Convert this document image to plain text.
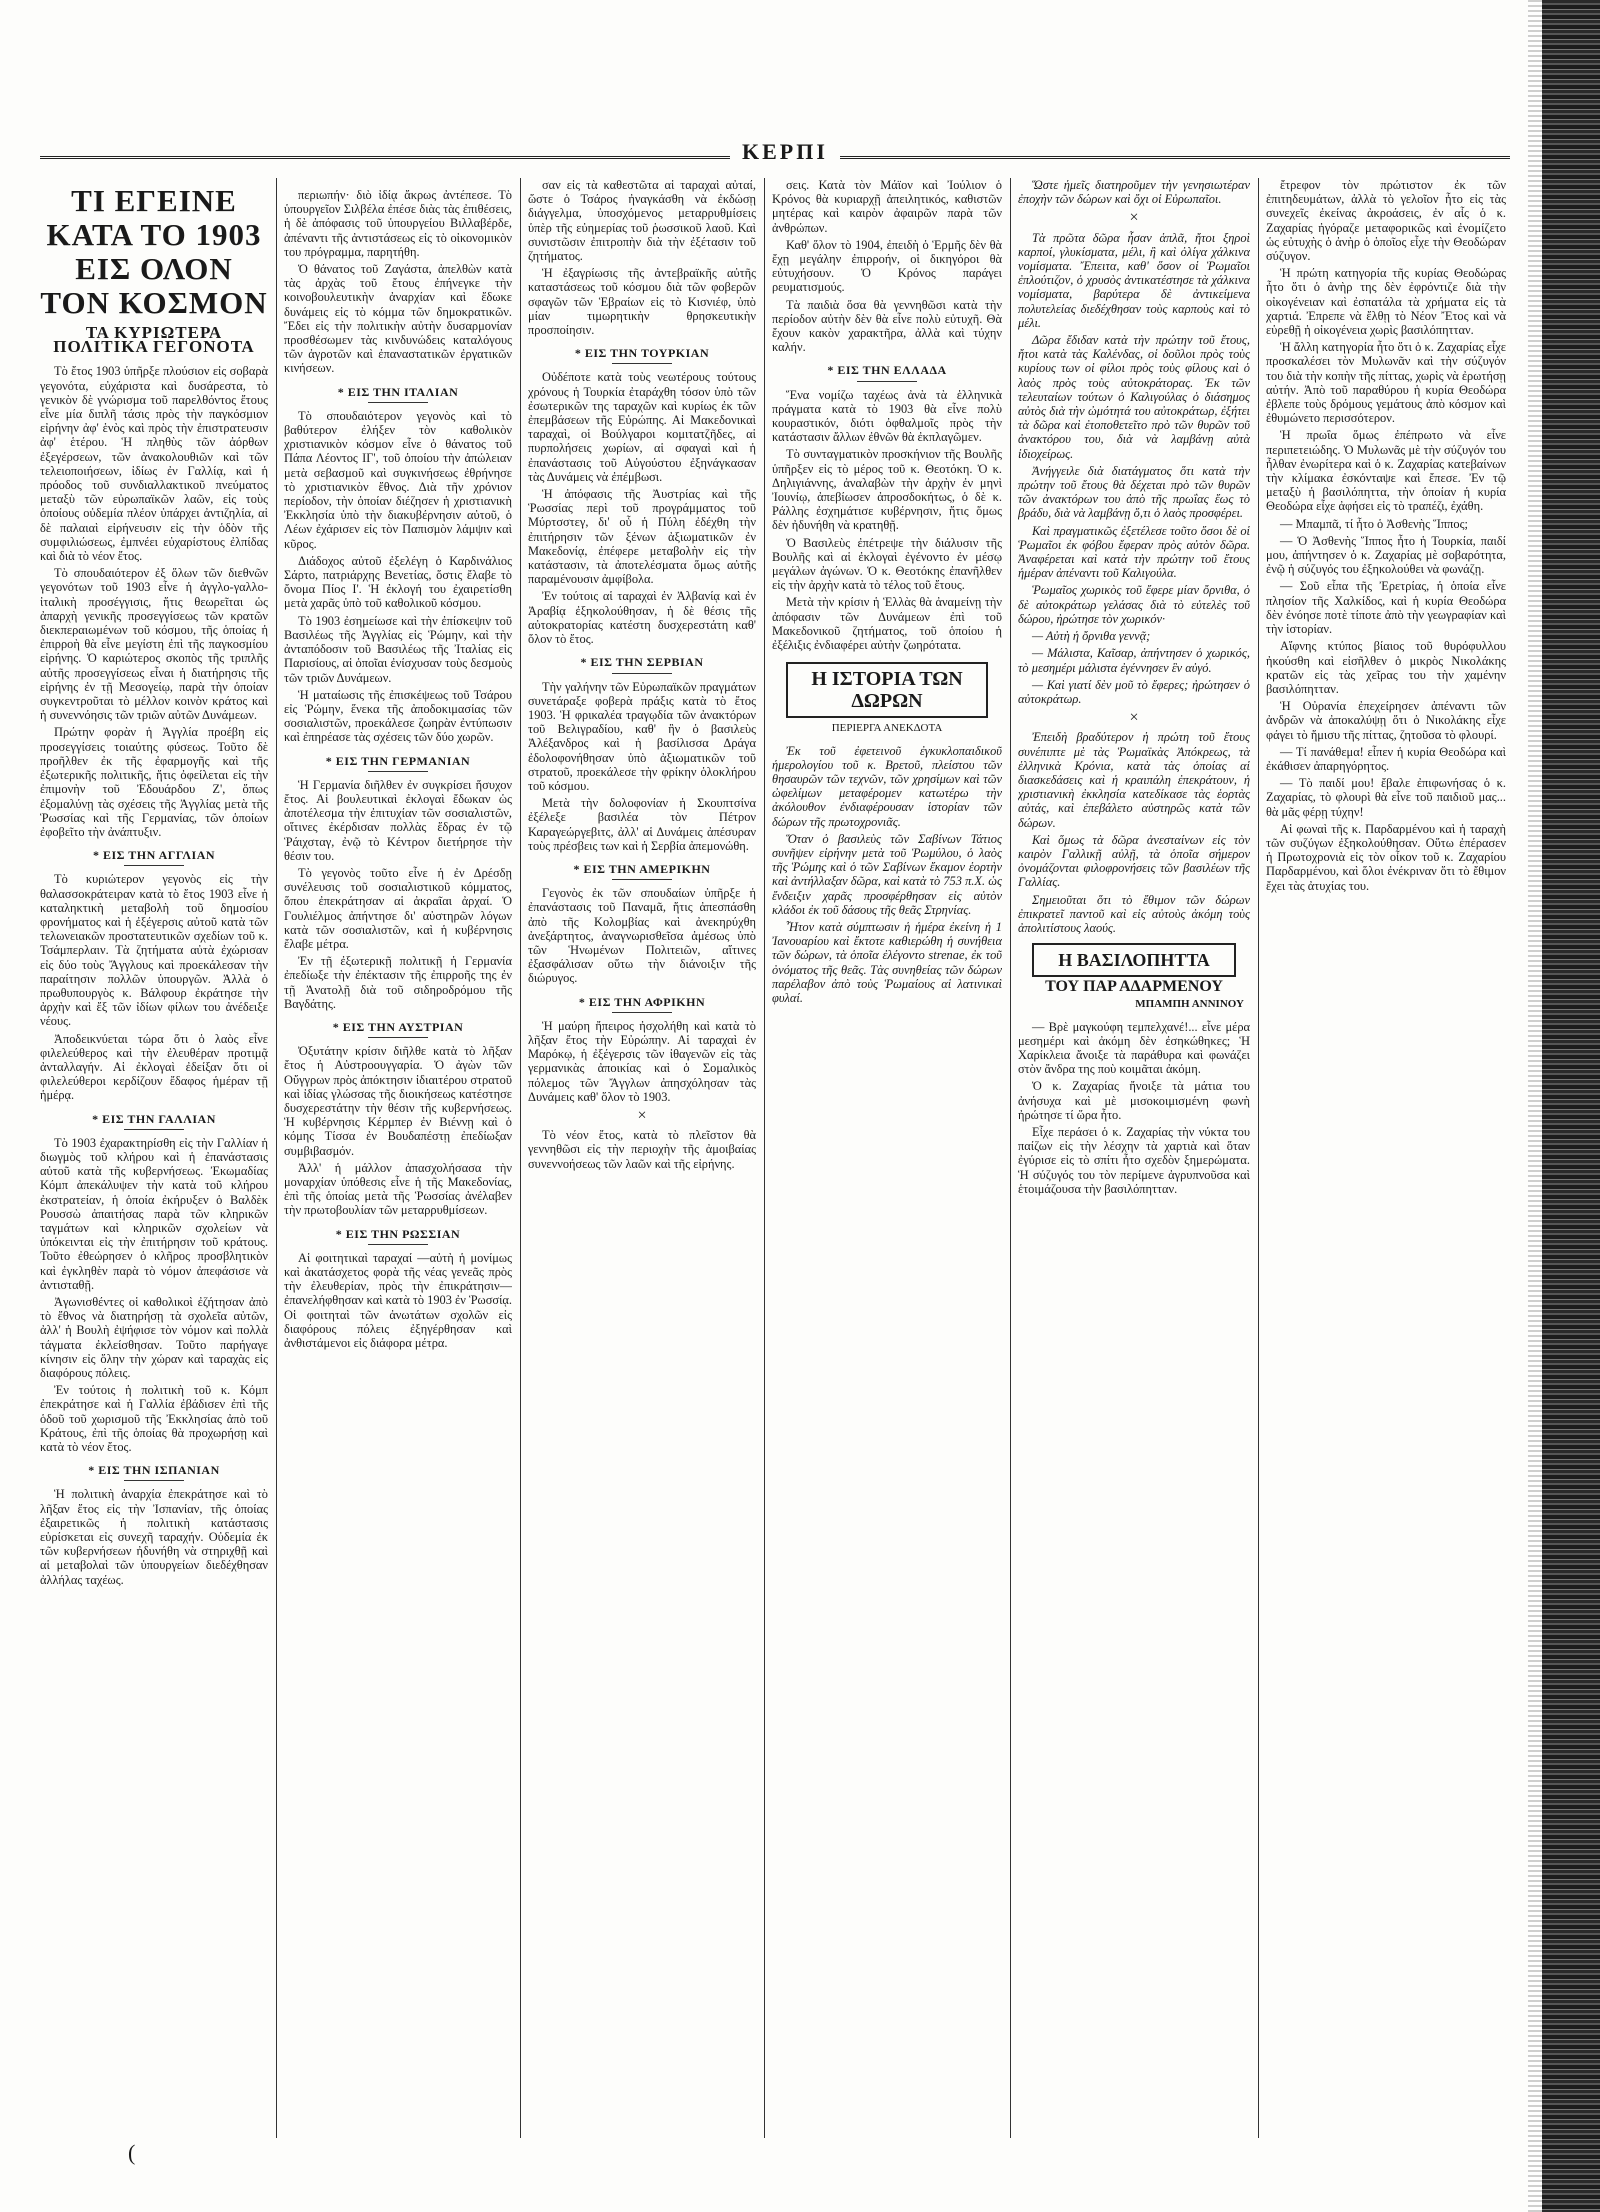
ΚΕΡΠΙ
ΤΙ ΕΓΕΙΝΕ ΚΑΤΑ ΤΟ 1903
ΕΙΣ ΟΛΟΝ ΤΟΝ ΚΟΣΜΟΝ
ΤΑ ΚΥΡΙΩΤΕΡΑ ΠΟΛΙΤΙΚΑ ΓΕΓΟΝΟΤΑ

Τὸ ἔτος 1903 ὑπῆρξε πλούσιον εἰς σοβαρὰ γεγονότα, εὐχάριστα καὶ δυσάρεστα, τὸ γενικὸν δὲ γνώρισμα τοῦ παρελθόντος ἔτους εἶνε μία διπλῆ τάσις πρὸς τὴν παγκόσμιον εἰρήνην ἀφ' ἑνὸς καὶ πρὸς τὴν ἐπιστρατευσιν ἀφ' ἑτέρου. Ἡ πληθὺς τῶν ἀόρθων ἐξεγέρσεων, τῶν ἀνακολουθιῶν καὶ τῶν τελειοποιήσεων, ἰδίως ἐν Γαλλίᾳ, καὶ ἡ πρόοδος τοῦ συνδιαλλακτικοῦ πνεύματος μεταξὺ τῶν εὐρωπαϊκῶν λαῶν, εἰς τοὺς ὁποίους οὐδεμία πλέον ὑπάρχει ἀντιζηλία, αἱ δὲ παλαιαὶ εἰρήνευσιν εἰς τὴν ὁδὸν τῆς συμφιλιώσεως, ἐμπνέει εὐχαρίστους ἐλπίδας καὶ διὰ τὸ νέον ἔτος.

Τὸ σπουδαιότερον ἐξ ὅλων τῶν διεθνῶν γεγονότων τοῦ 1903 εἶνε ἡ ἀγγλο-γαλλο-ἰταλικὴ προσέγγισις, ἥτις θεωρεῖται ὡς ἀπαρχὴ γενικῆς προσεγγίσεως τῶν κρατῶν διεκπεραιωμένων τοῦ κόσμου, τῆς ὁποίας ἡ ἐπιρροὴ θὰ εἶνε μεγίστη ἐπὶ τῆς παγκοσμίου εἰρήνης. Ὁ καριώτερος σκοπὸς τῆς τριπλῆς αὐτῆς προσεγγίσεως εἶναι ἡ διατήρησις τῆς εἰρήνης ἐν τῇ Μεσογείῳ, παρὰ τὴν ὁποίαν συγκεντροῦται τὸ μέλλον κοινὸν κράτος καὶ ἡ συνεννόησις τῶν τριῶν αὐτῶν Δυνάμεων.

Πρώτην φορὰν ἡ Ἀγγλία προέβη εἰς προσεγγίσεις τοιαύτης φύσεως. Τοῦτο δὲ προῆλθεν ἐκ τῆς ἐφαρμογῆς καὶ τῆς ἐξωτερικῆς πολιτικῆς, ἥτις ὀφείλεται εἰς τὴν ἐπιμονὴν τοῦ Ἐδουάρδου Ζ', ὅπως ἐξομαλύνῃ τὰς σχέσεις τῆς Ἀγγλίας μετὰ τῆς Ῥωσσίας καὶ τῆς Γερμανίας, τῶν ὁποίων ἐφοβεῖτο τὴν ἀνάπτυξιν.

* ΕΙΣ ΤΗΝ ΑΓΓΛΙΑΝ

Τὸ κυριώτερον γεγονὸς εἰς τὴν θαλασσοκράτειραν κατὰ τὸ ἔτος 1903 εἶνε ἡ καταληκτικὴ μεταβολὴ τοῦ δημοσίου φρονήματος καὶ ἡ ἐξέγερσις αὐτοῦ κατὰ τῶν τελωνειακῶν προστατευτικῶν σχεδίων τοῦ κ. Τσάμπερλαιν. Τὰ ζητήματα αὐτὰ ἐχώρισαν εἰς δύο τοὺς Ἄγγλους καὶ προεκάλεσαν τὴν παραίτησιν πολλῶν ὑπουργῶν. Ἀλλὰ ὁ πρωθυπουργὸς κ. Βάλφουρ ἐκράτησε τὴν ἀρχὴν καὶ ἔξ τῶν ἰδίων φίλων του ἀνέδειξε νέους.

Ἀποδεικνύεται τώρα ὅτι ὁ λαὸς εἶνε φιλελεύθερος καὶ τὴν ἐλευθέραν προτιμᾷ ἀνταλλαγήν. Αἱ ἐκλογαὶ ἐδείξαν ὅτι οἱ φιλελεύθεροι κερδίζουν ἔδαφος ἡμέραν τῇ ἡμέρᾳ.

* ΕΙΣ ΤΗΝ ΓΑΛΛΙΑΝ

Τὸ 1903 ἐχαρακτηρίσθη εἰς τὴν Γαλλίαν ἡ διωγμὸς τοῦ κλήρου καὶ ἡ ἐπανάστασις αὐτοῦ κατὰ τῆς κυβερνήσεως. Ἐκωμαδίας Κόμπ ἀπεκάλυψεν τὴν κατὰ τοῦ κλήρου ἐκστρατείαν, ἡ ὁποία ἐκήρυξεν ὁ Βαλδὲκ Ρουσσὼ ἀπαιτήσας παρὰ τῶν κληρικῶν ταγμάτων καὶ κληρικῶν σχολείων νὰ ὑπόκεινται εἰς τὴν ἐπιτήρησιν τοῦ κράτους. Τοῦτο ἐθεώρησεν ὁ κλῆρος προσβλητικὸν καὶ ἐγκληθὲν παρὰ τὸ νόμον ἀπεφάσισε νὰ ἀντισταθῇ.

Ἀγωνισθέντες οἱ καθολικοὶ ἐζήτησαν ἀπὸ τὸ ἔθνος νὰ διατηρήσῃ τὰ σχολεῖα αὐτῶν, ἀλλ' ἡ Βουλὴ ἐψήφισε τὸν νόμον καὶ πολλὰ τάγματα ἐκλείσθησαν. Τοῦτο παρήγαγε κίνησιν εἰς ὅλην τὴν χώραν καὶ ταραχὰς εἰς διαφόρους πόλεις.

Ἐν τούτοις ἡ πολιτικὴ τοῦ κ. Κόμπ ἐπεκράτησε καὶ ἡ Γαλλία ἐβάδισεν ἐπὶ τῆς ὁδοῦ τοῦ χωρισμοῦ τῆς Ἐκκλησίας ἀπὸ τοῦ Κράτους, ἐπὶ τῆς ὁποίας θὰ προχωρήσῃ καὶ κατὰ τὸ νέον ἔτος.

* ΕΙΣ ΤΗΝ ΙΣΠΑΝΙΑΝ

Ἡ πολιτικὴ ἀναρχία ἐπεκράτησε καὶ τὸ λῆξαν ἔτος εἰς τὴν Ἰσπανίαν, τῆς ὁποίας ἐξαιρετικῶς ἡ πολιτικὴ κατάστασις εὑρίσκεται εἰς συνεχῆ ταραχήν. Οὐδεμία ἐκ τῶν κυβερνήσεων ἠδυνήθη νὰ στηριχθῇ καὶ αἱ μεταβολαὶ τῶν ὑπουργείων διεδέχθησαν ἀλλήλας ταχέως.

περιωπήν· διὸ ἰδίᾳ ἄκρως ἀντέπεσε. Τὸ ὑπουργεῖον Σιλβέλα ἐπέσε διὰς τὰς ἐπιθέσεις, ἡ δὲ ἀπόφασις τοῦ ὑπουργείου Βιλλαβέρδε, ἀπέναντι τῆς ἀντιστάσεως εἰς τὸ οἰκονομικὸν του πρόγραμμα, παρητήθη.

Ὁ θάνατος τοῦ Ζαγάστα, ἀπελθὼν κατὰ τὰς ἀρχὰς τοῦ ἔτους ἐπήνεγκε τὴν κοινοβουλευτικὴν ἀναρχίαν καὶ ἔδωκε δυνάμεις εἰς τὸ κόμμα τῶν δημοκρατικῶν. Ἔδει εἰς τὴν πολιτικὴν αὐτὴν δυσαρμονίαν προσθέσωμεν τὰς κινδυνώδεις καταλόγους τῶν ἀγροτῶν καὶ ἐπαναστατικῶν ἐργατικῶν κινήσεων.

* ΕΙΣ ΤΗΝ ΙΤΑΛΙΑΝ

Τὸ σπουδαιότερον γεγονὸς καὶ τὸ βαθύτερον ἐλήξεν τὸν καθολικὸν χριστιανικὸν κόσμον εἶνε ὁ θάνατος τοῦ Πάπα Λέοντος ΙΓ', τοῦ ὁποίου τὴν ἀπώλειαν μετὰ σεβασμοῦ καὶ συγκινήσεως ἐθρήνησε τὸ χριστιανικὸν ἔθνος. Διὰ τῆν χρόνιον περίοδον, τὴν ὁποίαν διέζησεν ἡ χριστιανικὴ Ἐκκλησία ὑπὸ τὴν διακυβέρνησιν αὐτοῦ, ὁ Λέων ἐχάρισεν εἰς τὸν Παπισμὸν λάμψιν καὶ κῦρος.

Διάδοχος αὐτοῦ ἐξελέγη ὁ Καρδινάλιος Σάρτο, πατριάρχης Βενετίας, ὅστις ἔλαβε τὸ ὄνομα Πίος Ι'. Ἡ ἐκλογή του ἐχαιρετίσθη μετὰ χαρᾶς ὑπὸ τοῦ καθολικοῦ κόσμου.

Τὸ 1903 ἐσημείωσε καὶ τὴν ἐπίσκεψιν τοῦ Βασιλέως τῆς Ἀγγλίας εἰς Ῥώμην, καὶ τὴν ἀνταπόδοσιν τοῦ Βασιλέως τῆς Ἰταλίας εἰς Παρισίους, αἱ ὁποῖαι ἐνίσχυσαν τοὺς δεσμοὺς τῶν τριῶν Δυνάμεων.

Ἡ ματαίωσις τῆς ἐπισκέψεως τοῦ Τσάρου εἰς Ῥώμην, ἕνεκα τῆς ἀποδοκιμασίας τῶν σοσιαλιστῶν, προεκάλεσε ζωηρὰν ἐντύπωσιν καὶ ἐπηρέασε τὰς σχέσεις τῶν δύο χωρῶν.

* ΕΙΣ ΤΗΝ ΓΕΡΜΑΝΙΑΝ

Ἡ Γερμανία διῆλθεν ἐν συγκρίσει ἥσυχον ἔτος. Αἱ βουλευτικαὶ ἐκλογαὶ ἔδωκαν ὡς ἀποτέλεσμα τὴν ἐπιτυχίαν τῶν σοσιαλιστῶν, οἵτινες ἐκέρδισαν πολλὰς ἕδρας ἐν τῷ Ῥάιχσταγ, ἐνῷ τὸ Κέντρον διετήρησε τὴν θέσιν του.

Τὸ γεγονὸς τοῦτο εἶνε ἡ ἐν Δρέσδῃ συνέλευσις τοῦ σοσιαλιστικοῦ κόμματος, ὅπου ἐπεκράτησαν αἱ ἀκραῖαι ἀρχαί. Ὁ Γουλιέλμος ἀπήντησε δι' αὐστηρῶν λόγων κατὰ τῶν σοσιαλιστῶν, καὶ ἡ κυβέρνησις ἔλαβε μέτρα.

Ἐν τῇ ἐξωτερικῇ πολιτικῇ ἡ Γερμανία ἐπεδίωξε τὴν ἐπέκτασιν τῆς ἐπιρροῆς της ἐν τῇ Ἀνατολῇ διὰ τοῦ σιδηροδρόμου τῆς Βαγδάτης.

* ΕΙΣ ΤΗΝ ΑΥΣΤΡΙΑΝ

Ὀξυτάτην κρίσιν διῆλθε κατὰ τὸ λῆξαν ἔτος ἡ Αὐστροουγγαρία. Ὁ ἀγὼν τῶν Οὔγγρων πρὸς ἀπόκτησιν ἰδιαιτέρου στρατοῦ καὶ ἰδίας γλώσσας τῆς διοικήσεως κατέστησε δυσχερεστάτην τὴν θέσιν τῆς κυβερνήσεως. Ἡ κυβέρνησις Κέρμπερ ἐν Βιέννῃ καὶ ὁ κόμης Τίσσα ἐν Βουδαπέστῃ ἐπεδίωξαν συμβιβασμόν.

Ἀλλ' ἡ μάλλον ἀπασχολήσασα τὴν μοναρχίαν ὑπόθεσις εἶνε ἡ τῆς Μακεδονίας, ἐπὶ τῆς ὁποίας μετὰ τῆς Ῥωσσίας ἀνέλαβεν τὴν πρωτοβουλίαν τῶν μεταρρυθμίσεων.

* ΕΙΣ ΤΗΝ ΡΩΣΣΙΑΝ

Αἱ φοιτητικαὶ ταραχαί —αὐτὴ ἡ μονίμως καὶ ἀκατάσχετος φορὰ τῆς νέας γενεᾶς πρὸς τὴν ἐλευθερίαν, πρὸς τὴν ἐπικράτησιν— ἐπανελήφθησαν καὶ κατὰ τὸ 1903 ἐν Ῥωσσίᾳ. Οἱ φοιτηταὶ τῶν ἀνωτάτων σχολῶν εἰς διαφόρους πόλεις ἐξηγέρθησαν καὶ ἀνθιστάμενοι εἰς διάφορα μέτρα.

σαν εἰς τὰ καθεστῶτα αἱ ταραχαὶ αὐταί, ὥστε ὁ Τσάρος ἠναγκάσθη νὰ ἐκδώσῃ διάγγελμα, ὑποσχόμενος μεταρρυθμίσεις ὑπὲρ τῆς εὐημερίας τοῦ ῥωσσικοῦ λαοῦ. Καὶ συνιστῶσιν ἐπιτροπὴν διὰ τὴν ἐξέτασιν τοῦ ζητήματος.

Ἡ ἐξαγρίωσις τῆς ἀντεβραϊκῆς αὐτῆς καταστάσεως τοῦ κόσμου διὰ τῶν φοβερῶν σφαγῶν τῶν Ἑβραίων εἰς τὸ Κισνιέφ, ὑπὸ μίαν τιμωρητικὴν θρησκευτικὴν προσποίησιν.

* ΕΙΣ ΤΗΝ ΤΟΥΡΚΙΑΝ

Οὐδέποτε κατὰ τοὺς νεωτέρους τούτους χρόνους ἡ Τουρκία ἐταράχθη τόσον ὑπὸ τῶν ἐσωτερικῶν της ταραχῶν καὶ κυρίως ἐκ τῶν ἐπεμβάσεων τῆς Εὐρώπης. Αἱ Μακεδονικαὶ ταραχαὶ, οἱ Βούλγαροι κομιτατζῆδες, αἱ πυρπολήσεις χωρίων, αἱ σφαγαὶ καὶ ἡ ἐπανάστασις τοῦ Αὐγούστου ἐξηνάγκασαν τὰς Δυνάμεις νὰ ἐπέμβωσι.

Ἡ ἀπόφασις τῆς Ἀυστρίας καὶ τῆς Ῥωσσίας περὶ τοῦ προγράμματος τοῦ Μύρτσστεγ, δι' οὗ ἡ Πύλη ἐδέχθη τὴν ἐπιτήρησιν τῶν ξένων ἀξιωματικῶν ἐν Μακεδονίᾳ, ἐπέφερε μεταβολὴν εἰς τὴν κατάστασιν, τὰ ἀποτελέσματα ὅμως αὐτῆς παραμένουσιν ἀμφίβολα.

Ἐν τούτοις αἱ ταραχαὶ ἐν Ἀλβανίᾳ καὶ ἐν Ἀραβίᾳ ἐξηκολούθησαν, ἡ δὲ θέσις τῆς αὐτοκρατορίας κατέστη δυσχερεστάτη καθ' ὅλον τὸ ἔτος.

* ΕΙΣ ΤΗΝ ΣΕΡΒΙΑΝ

Τὴν γαλήνην τῶν Εὐρωπαϊκῶν πραγμάτων συνετάραξε φοβερὰ πράξις κατὰ τὸ ἔτος 1903. Ἡ φρικαλέα τραγῳδία τῶν ἀνακτόρων τοῦ Βελιγραδίου, καθ' ἣν ὁ βασιλεὺς Ἀλέξανδρος καὶ ἡ βασίλισσα Δράγα ἐδολοφονήθησαν ὑπὸ ἀξιωματικῶν τοῦ στρατοῦ, προεκάλεσε τὴν φρίκην ὁλοκλήρου τοῦ κόσμου.

Μετὰ τὴν δολοφονίαν ἡ Σκουπτσίνα ἐξέλεξε βασιλέα τὸν Πέτρον Καραγεώργεβιτς, ἀλλ' αἱ Δυνάμεις ἀπέσυραν τοὺς πρέσβεις των καὶ ἡ Σερβία ἀπεμονώθη.

* ΕΙΣ ΤΗΝ ΑΜΕΡΙΚΗΝ

Γεγονὸς ἐκ τῶν σπουδαίων ὑπῆρξε ἡ ἐπανάστασις τοῦ Παναμᾶ, ἥτις ἀπεσπάσθη ἀπὸ τῆς Κολομβίας καὶ ἀνεκηρύχθη ἀνεξάρτητος, ἀναγνωρισθεῖσα ἀμέσως ὑπὸ τῶν Ἡνωμένων Πολιτειῶν, αἵτινες ἐξασφάλισαν οὕτω τὴν διάνοιξιν τῆς διώρυγος.

* ΕΙΣ ΤΗΝ ΑΦΡΙΚΗΝ

Ἡ μαύρη ἤπειρος ἠσχολήθη καὶ κατὰ τὸ λῆξαν ἔτος τὴν Εὐρώπην. Αἱ ταραχαὶ ἐν Μαρόκῳ, ἡ ἐξέγερσις τῶν ἰθαγενῶν εἰς τὰς γερμανικὰς ἀποικίας καὶ ὁ Σομαλικὸς πόλεμος τῶν Ἄγγλων ἀπησχόλησαν τὰς Δυνάμεις καθ' ὅλον τὸ 1903.

×

Τὸ νέον ἔτος, κατὰ τὸ πλεῖστον θὰ γεννηθῶσι εἰς τὴν περιοχὴν τῆς ἀμοιβαίας συνεννοήσεως τῶν λαῶν καὶ τῆς εἰρήνης.

σεις. Κατὰ τὸν Μάϊον καὶ Ἰούλιον ὁ Κρόνος θὰ κυριαρχῇ ἀπειλητικός, καθιστῶν μητέρας καὶ καιρὸν ἀφαιρῶν παρὰ τῶν ἀνθρώπων.

Καθ' ὅλον τὸ 1904, ἐπειδὴ ὁ Ἑρμῆς δὲν θὰ ἔχῃ μεγάλην ἐπιρροήν, οἱ δικηγόροι θὰ εὐτυχήσουν. Ὁ Κρόνος παράγει ρευματισμούς.

Τὰ παιδιὰ ὅσα θὰ γεννηθῶσι κατὰ τὴν περίοδον αὐτὴν δὲν θὰ εἶνε πολὺ εὐτυχῆ. Θὰ ἔχουν κακὸν χαρακτῆρα, ἀλλὰ καὶ τύχην καλήν.

* ΕΙΣ ΤΗΝ ΕΛΛΑΔΑ

Ἕνα νομίζω ταχέως ἀνὰ τὰ ἑλληνικὰ πράγματα κατὰ τὸ 1903 θὰ εἶνε πολὺ κουραστικόν, διότι ὀφθαλμοῖς πρὸς τὴν κατάστασιν ἄλλων ἐθνῶν θὰ ἐκπλαγῶμεν.

Τὸ συνταγματικὸν προσκήνιον τῆς Βουλῆς ὑπῆρξεν εἰς τὸ μέρος τοῦ κ. Θεοτόκη. Ὁ κ. Δηλιγιάννης, ἀναλαβὼν τὴν ἀρχὴν ἐν μηνὶ Ἰουνίῳ, ἀπεβίωσεν ἀπροσδοκήτως, ὁ δὲ κ. Ράλλης ἐσχημάτισε κυβέρνησιν, ἥτις ὅμως δὲν ἠδυνήθη νὰ κρατηθῇ.

Ὁ Βασιλεὺς ἐπέτρεψε τὴν διάλυσιν τῆς Βουλῆς καὶ αἱ ἐκλογαὶ ἐγένοντο ἐν μέσῳ μεγάλων ἀγώνων. Ὁ κ. Θεοτόκης ἐπανῆλθεν εἰς τὴν ἀρχὴν κατὰ τὸ τέλος τοῦ ἔτους.

Μετὰ τὴν κρίσιν ἡ Ἑλλὰς θὰ ἀναμείνῃ τὴν ἀπόφασιν τῶν Δυνάμεων ἐπὶ τοῦ Μακεδονικοῦ ζητήματος, τοῦ ὁποίου ἡ ἐξέλιξις ἐνδιαφέρει αὐτὴν ζωηρότατα.

Η ΙΣΤΟΡΙΑ ΤΩΝ ΔΩΡΩΝ
ΠΕΡΙΕΡΓΑ ΑΝΕΚΔΟΤΑ

Ἐκ τοῦ ἐφετεινοῦ ἐγκυκλοπαιδικοῦ ἡμερολογίου τοῦ κ. Βρετοῦ, πλείστου τῶν θησαυρῶν τῶν τεχνῶν, τῶν χρησίμων καὶ τῶν ὠφελίμων μεταφέρομεν κατωτέρω τὴν ἀκόλουθον ἐνδιαφέρουσαν ἱστορίαν τῶν δώρων τῆς πρωτοχρονιᾶς.

Ὅταν ὁ βασιλεὺς τῶν Σαβίνων Τάτιος συνῆψεν εἰρήνην μετὰ τοῦ Ῥωμύλου, ὁ λαὸς τῆς Ῥώμης καὶ ὁ τῶν Σαβίνων ἔκαμον ἑορτὴν καὶ ἀντήλλαξαν δῶρα, καὶ κατὰ τὸ 753 π.Χ. ὡς ἔνδειξιν χαρᾶς προσφέρθησαν εἰς αὐτὸν κλάδοι ἐκ τοῦ δάσους τῆς θεᾶς Στρηνίας.

Ἦτον κατὰ σύμπτωσιν ἡ ἡμέρα ἐκείνη ἡ 1 Ἰανουαρίου καὶ ἔκτοτε καθιερώθη ἡ συνήθεια τῶν δώρων, τὰ ὁποῖα ἐλέγοντο strenae, ἐκ τοῦ ὀνόματος τῆς θεᾶς. Τὰς συνηθείας τῶν δώρων παρέλαβον ἀπὸ τοὺς Ῥωμαίους αἱ λατινικαὶ φυλαί.

Ὥστε ἡμεῖς διατηροῦμεν τὴν γενησιωτέραν ἐποχὴν τῶν δώρων καὶ ὄχι οἱ Εὐρωπαῖοι.

×

Τὰ πρῶτα δῶρα ἦσαν ἁπλᾶ, ἤτοι ξηροὶ καρποί, γλυκίσματα, μέλι, ἢ καὶ ὀλίγα χάλκινα νομίσματα. Ἔπειτα, καθ' ὅσον οἱ Ῥωμαῖοι ἐπλούτιζον, ὁ χρυσὸς ἀντικατέστησε τὰ χάλκινα νομίσματα, βαρύτερα δὲ ἀντικείμενα πολυτελείας διεδέχθησαν τοὺς καρποὺς καὶ τὸ μέλι.

Δῶρα ἔδιδαν κατὰ τὴν πρώτην τοῦ ἔτους, ἤτοι κατὰ τὰς Καλένδας, οἱ δοῦλοι πρὸς τοὺς κυρίους των οἱ φίλοι πρὸς τοὺς φίλους καὶ ὁ λαὸς πρὸς τοὺς αὐτοκράτορας. Ἐκ τῶν τελευταίων τούτων ὁ Καλιγούλας ὁ διάσημος αὐτὸς διὰ τὴν ὠμότητά του αὐτοκράτωρ, ἐξήτει τὰ δῶρα καὶ ἐτοποθετεῖτο πρὸ τῶν θυρῶν τοῦ ἀνακτόρου του, διὰ νὰ λαμβάνῃ αὐτὰ ἰδιοχείρως.

Ἀνήγγειλε διὰ διατάγματος ὅτι κατὰ τὴν πρώτην τοῦ ἔτους θὰ δέχεται πρὸ τῶν θυρῶν τῶν ἀνακτόρων του ἀπὸ τῆς πρωΐας ἕως τὸ βράδυ, διὰ νὰ λαμβάνῃ ὅ,τι ὁ λαὸς προσφέρει.

Καὶ πραγματικῶς ἐξετέλεσε τοῦτο ὅσοι δὲ οἱ Ῥωμαῖοι ἐκ φόβου ἔφεραν πρὸς αὐτὸν δῶρα. Ἀναφέρεται καὶ κατὰ τὴν πρώτην τοῦ ἔτους ἡμέραν ἀπέναντι τοῦ Καλιγούλα.

Ῥωμαῖος χωρικὸς τοῦ ἔφερε μίαν ὄρνιθα, ὁ δὲ αὐτοκράτωρ γελάσας διὰ τὸ εὐτελὲς τοῦ δώρου, ἠρώτησε τὸν χωρικόν·

— Αὐτὴ ἡ ὄρνιθα γεννᾷ;

— Μάλιστα, Καῖσαρ, ἀπήντησεν ὁ χωρικός, τὸ μεσημέρι μάλιστα ἐγέννησεν ἓν αὐγό.

— Καὶ γιατί δὲν μοῦ τὸ ἔφερες; ἠρώτησεν ὁ αὐτοκράτωρ.

×

Ἐπειδὴ βραδύτερον ἡ πρώτη τοῦ ἔτους συνέπιπτε μὲ τὰς Ῥωμαϊκὰς Ἀπόκρεως, τὰ ἑλληνικὰ Κρόνια, κατὰ τὰς ὁποίας αἱ διασκεδάσεις καὶ ἡ κραιπάλη ἐπεκράτουν, ἡ χριστιανικὴ ἐκκλησία κατεδίκασε τὰς ἑορτὰς αὐτάς, καὶ ἐπεβάλετο αὐστηρῶς κατὰ τῶν δώρων.

Καὶ ὅμως τὰ δῶρα ἀνεσταίνων εἰς τὸν καιρὸν Γαλλικῇ αὐλῇ, τὰ ὁποῖα σήμερον ὀνομάζονται φιλοφρονήσεις τῶν βασιλέων τῆς Γαλλίας.

Σημειοῦται ὅτι τὸ ἔθιμον τῶν δώρων ἐπικρατεῖ παντοῦ καὶ εἰς αὐτοὺς ἀκόμη τοὺς ἀπολιτίστους λαούς.

Η ΒΑΣΙΛΟΠΗΤΤΑ
ΤΟΥ ΠΑΡ ΑΔΑΡΜΕΝΟΥ
ΜΠΑΜΠΗ ΑΝΝΙΝΟΥ

— Βρὲ μαγκούφη τεμπελχανέ!... εἶνε μέρα μεσημέρι καὶ ἀκόμη δὲν ἐσηκώθηκες; Ἡ Χαρίκλεια ἄνοιξε τὰ παράθυρα καὶ φωνάζει στὸν ἄνδρα της ποὺ κοιμᾶται ἀκόμη.

Ὁ κ. Ζαχαρίας ἤνοιξε τὰ μάτια του ἀνήσυχα καὶ μὲ μισοκοιμισμένη φωνὴ ἠρώτησε τί ὥρα ἦτο.

Εἶχε περάσει ὁ κ. Ζαχαρίας τὴν νύκτα του παίζων εἰς τὴν λέσχην τὰ χαρτιὰ καὶ ὅταν ἐγύρισε εἰς τὸ σπίτι ἦτο σχεδὸν ξημερώματα. Ἡ σύζυγός του τὸν περίμενε ἀγρυπνοῦσα καὶ ἑτοιμάζουσα τὴν βασιλόπητταν.

ἔτρεφον τὸν πρώτιστον ἐκ τῶν ἐπιτηδευμάτων, ἀλλὰ τὸ γελοῖον ἦτο εἰς τὰς συνεχεῖς ἐκείνας ἀκροάσεις, ἐν αἷς ὁ κ. Ζαχαρίας ἠγόραζε μεταφορικῶς καὶ ἐνομίζετο ὡς εὐτυχὴς ὁ ἀνὴρ ὁ ὁποῖος εἶχε τὴν Θεοδώραν σύζυγον.

Ἡ πρώτη κατηγορία τῆς κυρίας Θεοδώρας ἦτο ὅτι ὁ ἀνὴρ της δὲν ἐφρόντιζε διὰ τὴν οἰκογένειαν καὶ ἐσπατάλα τὰ χρήματα εἰς τὰ χαρτιά. Ἐπρεπε νὰ ἔλθῃ τὸ Νέον Ἔτος καὶ νὰ εὑρεθῇ ἡ οἰκογένεια χωρὶς βασιλόπητταν.

Ἡ ἄλλη κατηγορία ἦτο ὅτι ὁ κ. Ζαχαρίας εἶχε προσκαλέσει τὸν Μυλωνᾶν καὶ τὴν σύζυγόν του διὰ τὴν κοπὴν τῆς πίττας, χωρὶς νὰ ἐρωτήσῃ αὐτήν. Ἀπὸ τοῦ παραθύρου ἡ κυρία Θεοδώρα ἐβλεπε τοὺς δρόμους γεμάτους ἀπὸ κόσμον καὶ ἐθυμώνετο περισσότερον.

Ἡ πρωΐα ὅμως ἐπέπρωτο νὰ εἶνε περιπετειώδης. Ὁ Μυλωνᾶς μὲ τὴν σύζυγόν του ἦλθαν ἐνωρίτερα καὶ ὁ κ. Ζαχαρίας κατεβαίνων τὴν κλίμακα ἐσκόνταψε καὶ ἔπεσε. Ἐν τῷ μεταξὺ ἡ βασιλόπηττα, τὴν ὁποίαν ἡ κυρία Θεοδώρα εἶχε ἀφήσει εἰς τὸ τραπέζι, ἐχάθη.

— Μπαμπᾶ, τί ἦτο ὁ Ἀσθενὴς Ἵππος;

— Ὁ Ἀσθενὴς Ἵππος ἦτο ἡ Τουρκία, παιδί μου, ἀπήντησεν ὁ κ. Ζαχαρίας μὲ σοβαρότητα, ἐνῷ ἡ σύζυγός του ἐξηκολούθει νὰ φωνάζῃ.

— Σοῦ εἶπα τῆς Ἐρετρίας, ἡ ὁποία εἶνε πλησίον τῆς Χαλκίδος, καὶ ἡ κυρία Θεοδώρα δὲν ἐνόησε ποτὲ τίποτε ἀπὸ τὴν γεωγραφίαν καὶ τὴν ἱστορίαν.

Αἴφνης κτύπος βίαιος τοῦ θυρόφυλλου ἠκούσθη καὶ εἰσῆλθεν ὁ μικρὸς Νικολάκης κρατῶν εἰς τὰς χεῖρας του τὴν χαμένην βασιλόπητταν.

Ἡ Οὐρανία ἐπεχείρησεν ἀπέναντι τῶν ἀνδρῶν νὰ ἀποκαλύψῃ ὅτι ὁ Νικολάκης εἶχε φάγει τὸ ἥμισυ τῆς πίττας, ζητοῦσα τὸ φλουρί.

— Τί πανάθεμα! εἶπεν ἡ κυρία Θεοδώρα καὶ ἐκάθισεν ἀπαρηγόρητος.

— Τὸ παιδί μου! ἔβαλε ἐπιφωνήσας ὁ κ. Ζαχαρίας, τὸ φλουρὶ θὰ εἶνε τοῦ παιδιοῦ μας... θὰ μᾶς φέρῃ τύχην!

Αἱ φωναὶ τῆς κ. Παρδαρμένου καὶ ἡ ταραχὴ τῶν συζύγων ἐξηκολούθησαν. Οὕτω ἐπέρασεν ἡ Πρωτοχρονιὰ εἰς τὸν οἶκον τοῦ κ. Ζαχαρίου Παρδαρμένου, καὶ ὅλοι ἐνέκριναν ὅτι τὸ ἔθιμον ἔχει τὰς ἀτυχίας του.

(
